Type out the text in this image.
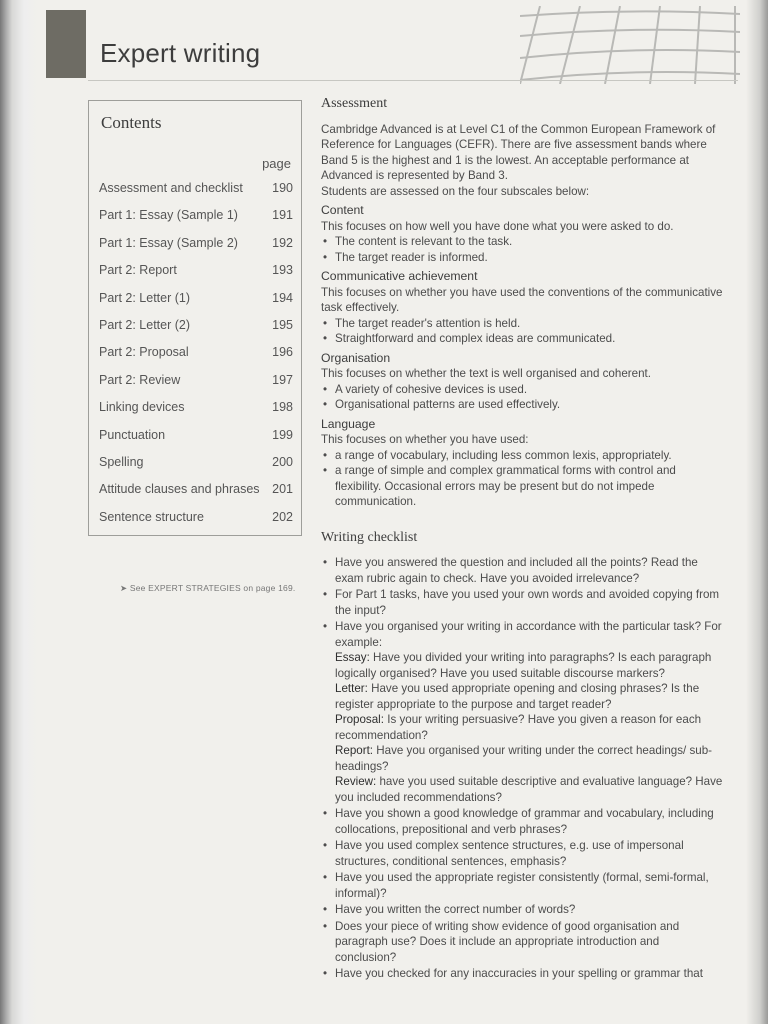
Expert writing
Contents
page
Assessment and checklist 190
Part 1: Essay (Sample 1)	191
Part 1: Essay (Sample 2)	192
Part 2: Report	193
Part 2: Letter (1)	194
Part 2: Letter (2)	195
Part 2: Proposal	196
Part 2: Review	197
Linking devices	198
Punctuation	199
Spelling	200
Attitude clauses and phrases 201
Sentence structure	202
➤ See EXPERT STRATEGIES on page 169.
Assessment

Cambridge Advanced is at Level C1 of the Common European Framework of Reference for Languages (CEFR). There are five assessment bands where Band 5 is the highest and 1 is the lowest. An acceptable performance at Advanced is represented by Band 3.

Students are assessed on the four subscales below:

Content

This focuses on how well you have done what you were asked to do.

• The content is relevant to the task.
• The target reader is informed.
Communicative achievement

This focuses on whether you have used the conventions of the communicative task effectively.

• The target reader's attention is held.
• Straightforward and complex ideas are communicated.
Organisation

This focuses on whether the text is well organised and coherent.

• A variety of cohesive devices is used.
• Organisational patterns are used effectively.
Language

This focuses on whether you have used:

• a range of vocabulary, including less common lexis, appropriately.
• a range of simple and complex grammatical forms with control and flexibility. Occasional errors may be present but do not impede communication.
Writing checklist
• Have you answered the question and included all the points? Read the exam rubric again to check. Have you avoided irrelevance?
• For Part 1 tasks, have you used your own words and avoided copying from the input?
• Have you organised your writing in accordance with the particular task? For example:
Essay: Have you divided your writing into paragraphs? Is each paragraph logically organised? Have you used suitable discourse markers?
Letter: Have you used appropriate opening and closing phrases? Is the register appropriate to the purpose and target reader?
Proposal: Is your writing persuasive? Have you given a reason for each recommendation?
Report: Have you organised your writing under the correct headings/ sub-headings?
Review: have you used suitable descriptive and evaluative language? Have you included recommendations?
• Have you shown a good knowledge of grammar and vocabulary, including collocations, prepositional and verb phrases?
• Have you used complex sentence structures, e.g. use of impersonal structures, conditional sentences, emphasis?
• Have you used the appropriate register consistently (formal, semi-formal, informal)?
• Have you written the correct number of words?
• Does your piece of writing show evidence of good organisation and paragraph use? Does it include an appropriate introduction and conclusion?
• Have you checked for any inaccuracies in your spelling or grammar that
